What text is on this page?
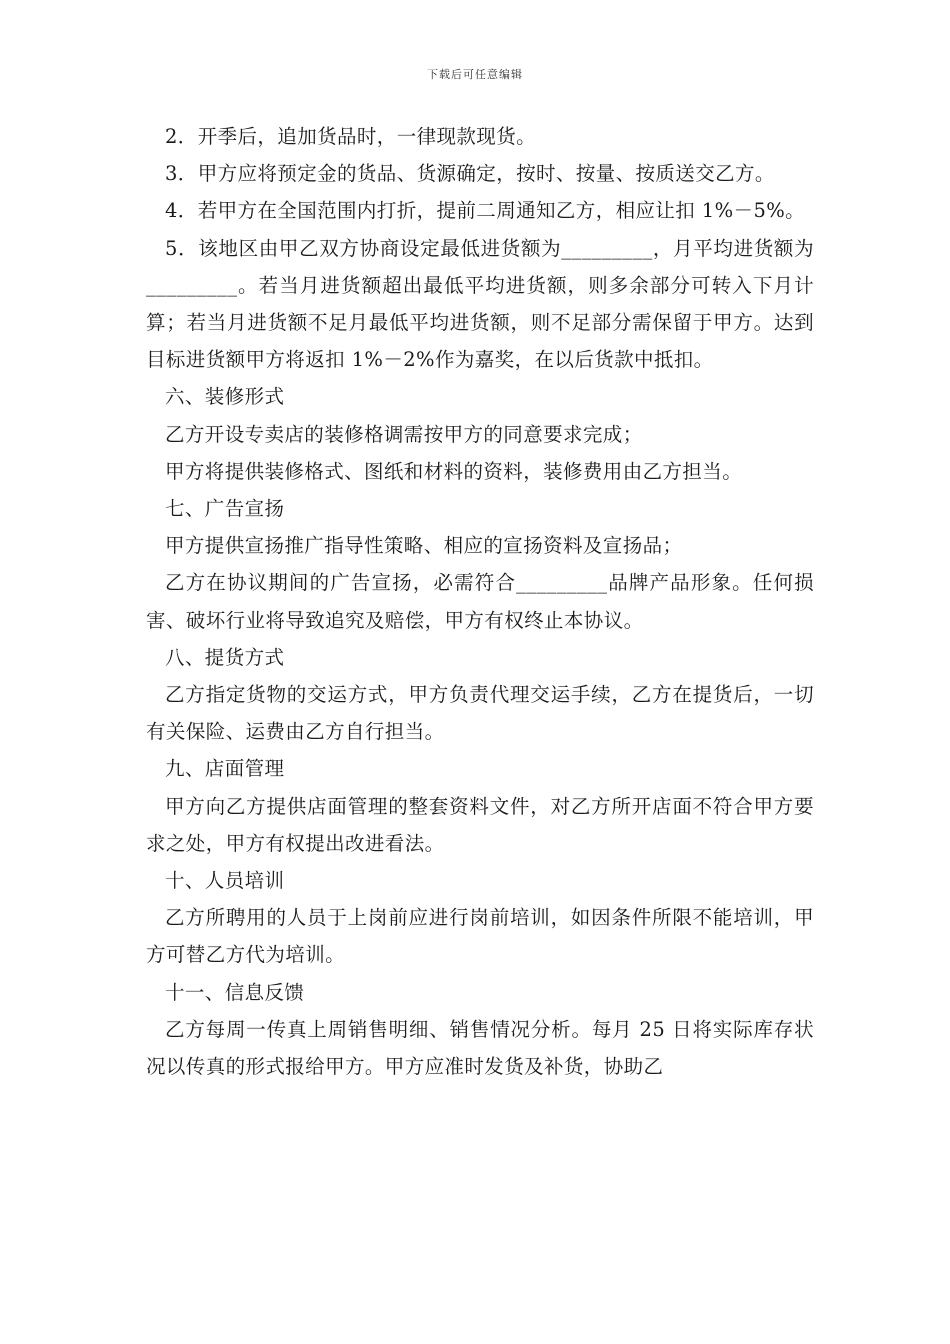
下载后可任意编辑

2．开季后，追加货品时，一律现款现货。

3．甲方应将预定金的货品、货源确定，按时、按量、按质送交乙方。

4．若甲方在全国范围内打折，提前二周通知乙方，相应让扣 1%－5%。

5．该地区由甲乙双方协商设定最低进货额为_________，月平均进货额为_________。若当月进货额超出最低平均进货额，则多余部分可转入下月计算；若当月进货额不足月最低平均进货额，则不足部分需保留于甲方。达到目标进货额甲方将返扣 1%－2%作为嘉奖，在以后货款中抵扣。

六、装修形式

乙方开设专卖店的装修格调需按甲方的同意要求完成；

甲方将提供装修格式、图纸和材料的资料，装修费用由乙方担当。

七、广告宣扬

甲方提供宣扬推广指导性策略、相应的宣扬资料及宣扬品；

乙方在协议期间的广告宣扬，必需符合_________品牌产品形象。任何损害、破坏行业将导致追究及赔偿，甲方有权终止本协议。

八、提货方式

乙方指定货物的交运方式，甲方负责代理交运手续，乙方在提货后，一切有关保险、运费由乙方自行担当。

九、店面管理

甲方向乙方提供店面管理的整套资料文件，对乙方所开店面不符合甲方要求之处，甲方有权提出改进看法。

十、人员培训

乙方所聘用的人员于上岗前应进行岗前培训，如因条件所限不能培训，甲方可替乙方代为培训。

十一、信息反馈

乙方每周一传真上周销售明细、销售情况分析。每月 25 日将实际库存状况以传真的形式报给甲方。甲方应准时发货及补货，协助乙
